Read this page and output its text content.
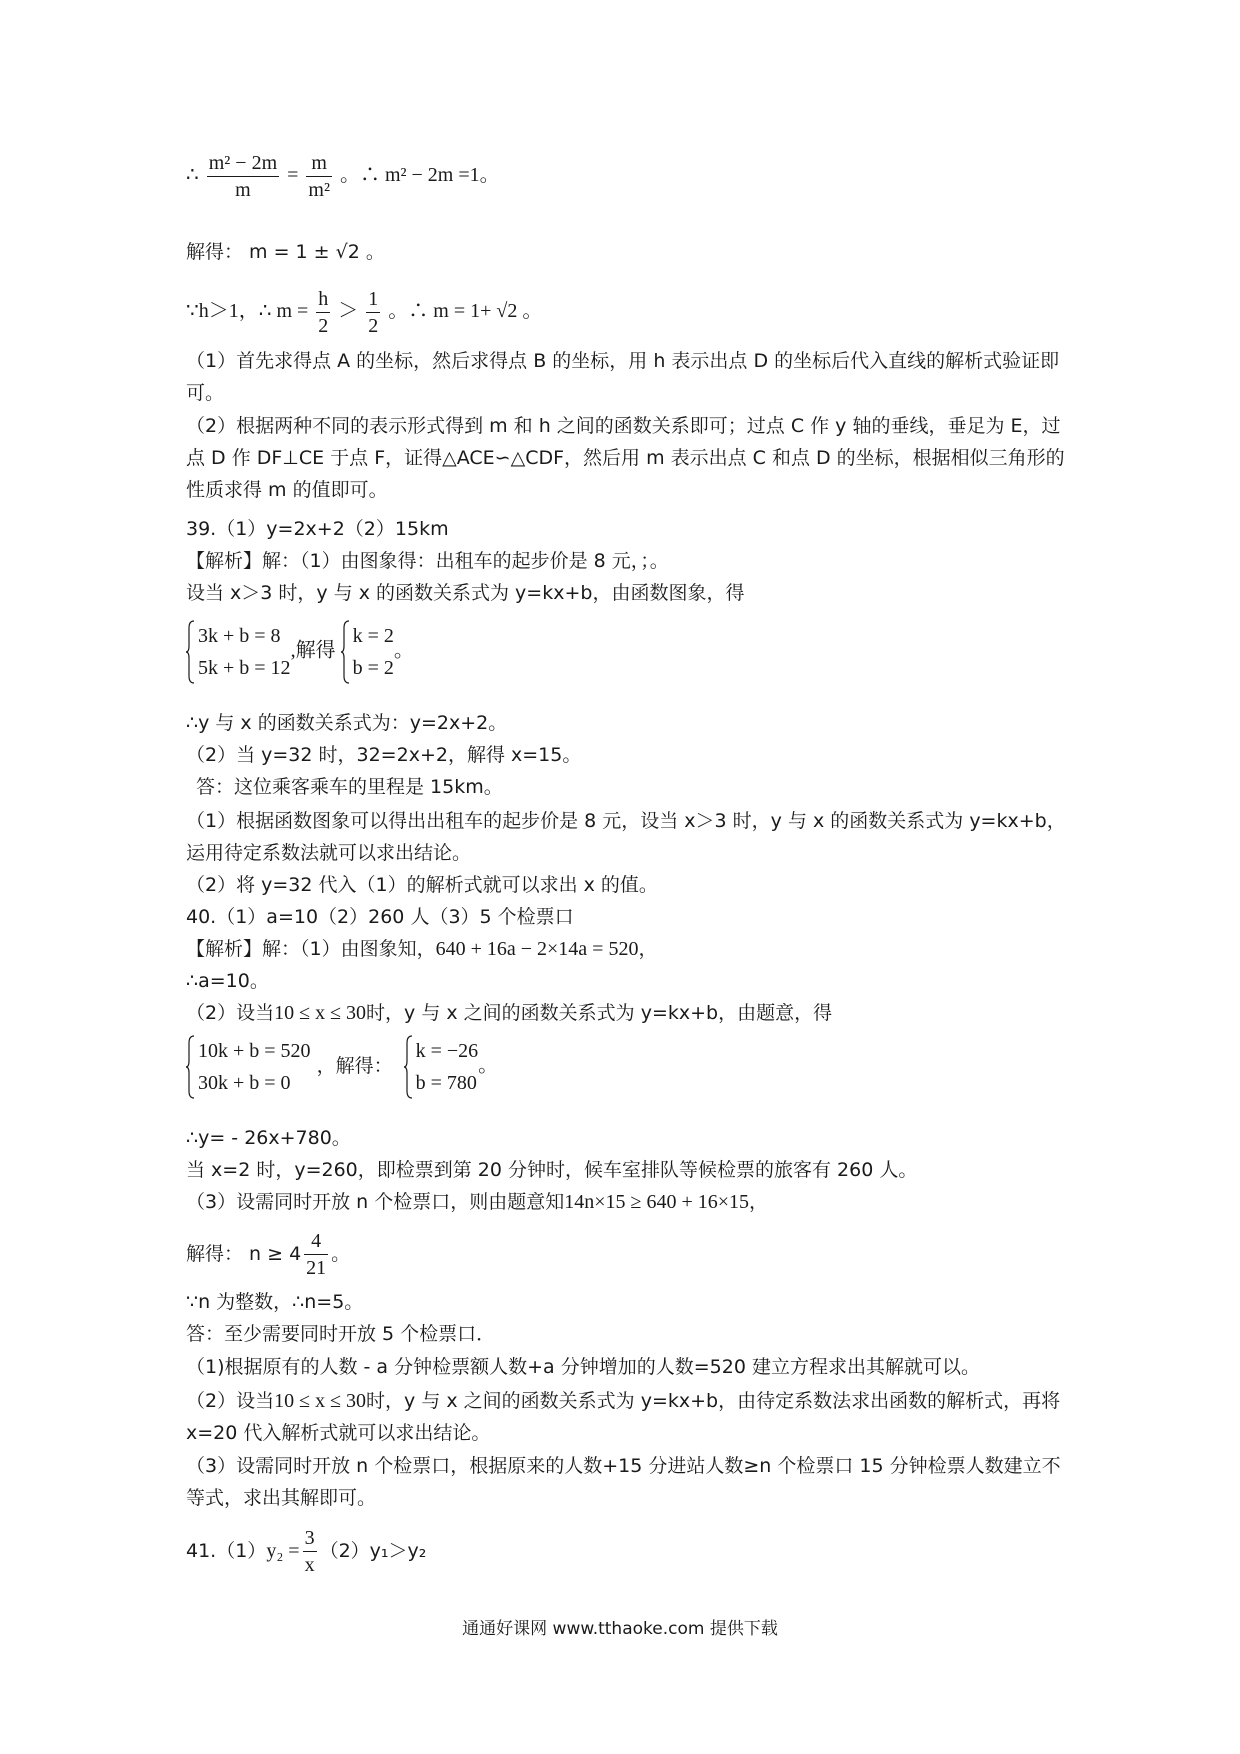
∴ $\frac{\text{m² − 2m}}{m} = \frac{m}{\text{m²}}$ 。∴ m² − 2m =1。
解得： m = 1 ± √2 。
∵h＞1，∴ $m = \frac{h}{2} > \frac{1}{2}$ 。∴ m = 1+ √2 。
（1）首先求得点 A 的坐标，然后求得点 B 的坐标，用 h 表示出点 D 的坐标后代入直线的解析式验证即可。
（2）根据两种不同的表示形式得到 m 和 h 之间的函数关系即可；过点 C 作 y 轴的垂线，垂足为 E，过点 D 作 DF⊥CE 于点 F，证得△ACE∽△CDF，然后用 m 表示出点 C 和点 D 的坐标，根据相似三角形的性质求得 m 的值即可。
39.（1）y=2x+2（2）15km
【解析】解：（1）由图象得：出租车的起步价是 8 元，；。
设当 x＞3 时，y 与 x 的函数关系式为 y=kx+b，由函数图象，得
3k + b = 8
5k + b = 12
,解得
k = 2
b = 2
。
∴y 与 x 的函数关系式为：y=2x+2。
（2）当 y=32 时，32=2x+2，解得 x=15。
答：这位乘客乘车的里程是 15km。
（1）根据函数图象可以得出出租车的起步价是 8 元，设当 x＞3 时，y 与 x 的函数关系式为 y=kx+b，运用待定系数法就可以求出结论。
（2）将 y=32 代入（1）的解析式就可以求出 x 的值。
40.（1）a=10（2）260 人（3）5 个检票口
【解析】解：（1）由图象知，640 + 16a − 2×14a = 520，
∴a=10。
（2）设当10 ≤ x ≤ 30时，y 与 x 之间的函数关系式为 y=kx+b，由题意，得
10k + b = 520
30k + b = 0
，解得：
k = −26
b = 780
。
∴y= - 26x+780。
当 x=2 时，y=260，即检票到第 20 分钟时，候车室排队等候检票的旅客有 260 人。
（3）设需同时开放 n 个检票口，则由题意知14n×15 ≥ 640 + 16×15，
解得： $n \ge 4 \frac{4}{21}$ 。
∵n 为整数，∴n=5。
答：至少需要同时开放 5 个检票口．
（1)根据原有的人数 - a 分钟检票额人数+a 分钟增加的人数=520 建立方程求出其解就可以。
（2）设当10 ≤ x ≤ 30时，y 与 x 之间的函数关系式为 y=kx+b，由待定系数法求出函数的解析式，再将 x=20 代入解析式就可以求出结论。
（3）设需同时开放 n 个检票口，根据原来的人数+15 分进站人数≥n 个检票口 15 分钟检票人数建立不等式，求出其解即可。
$41.(1)y_2 = \frac{3}{x} (2)y_1>y_2$
通通好课网 www.tthaoke.com 提供下载
